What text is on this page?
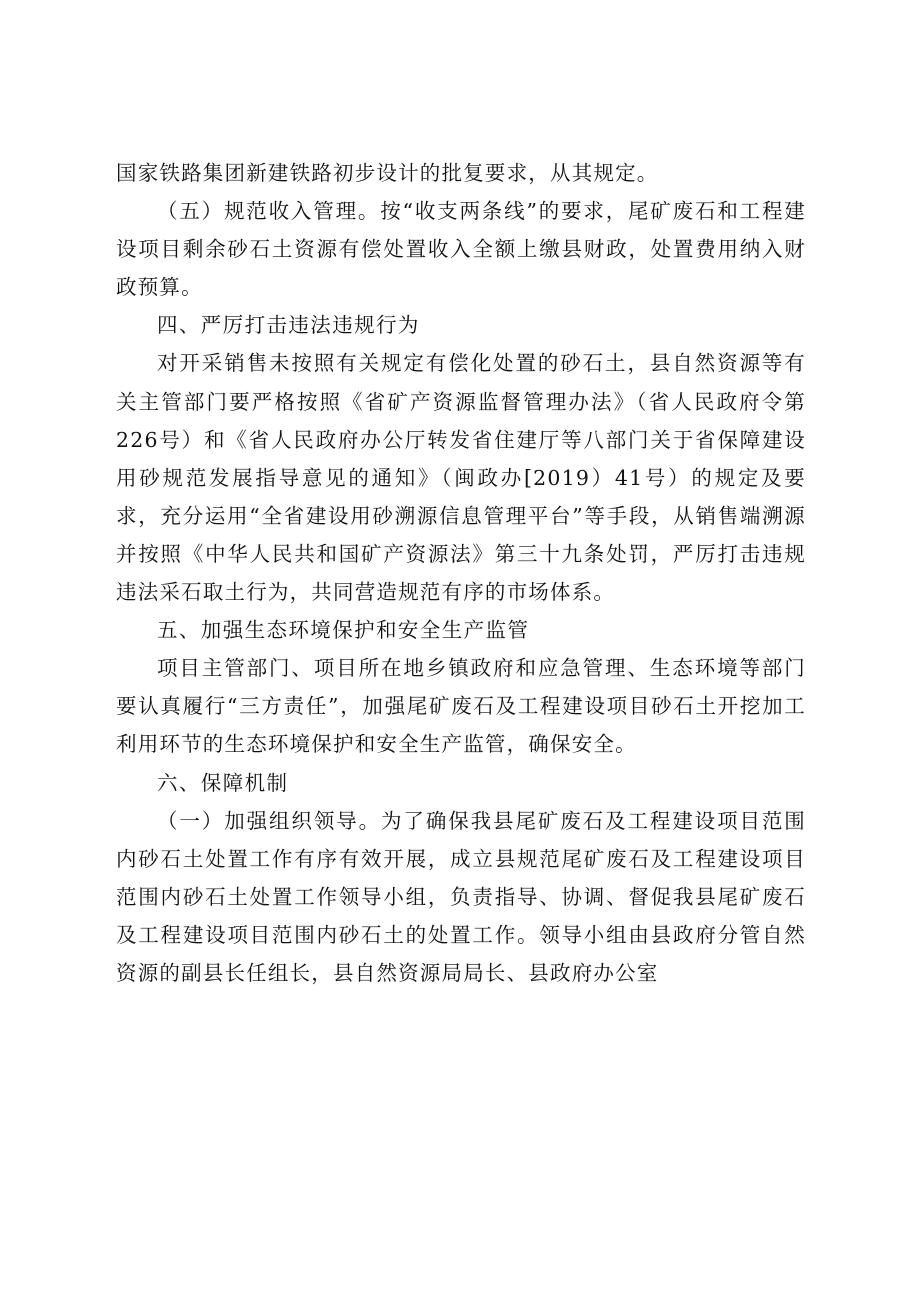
国家铁路集团新建铁路初步设计的批复要求，从其规定。

（五）规范收入管理。按“收支两条线”的要求，尾矿废石和工程建设项目剩余砂石土资源有偿处置收入全额上缴县财政，处置费用纳入财政预算。

四、严厉打击违法违规行为

对开采销售未按照有关规定有偿化处置的砂石土，县自然资源等有关主管部门要严格按照《省矿产资源监督管理办法》（省人民政府令第226号）和《省人民政府办公厅转发省住建厅等八部门关于省保障建设用砂规范发展指导意见的通知》（闽政办[2019）41号）的规定及要求，充分运用“全省建设用砂溯源信息管理平台”等手段，从销售端溯源并按照《中华人民共和国矿产资源法》第三十九条处罚，严厉打击违规违法采石取土行为，共同营造规范有序的市场体系。

五、加强生态环境保护和安全生产监管

项目主管部门、项目所在地乡镇政府和应急管理、生态环境等部门要认真履行“三方责任”，加强尾矿废石及工程建设项目砂石土开挖加工利用环节的生态环境保护和安全生产监管，确保安全。

六、保障机制

（一）加强组织领导。为了确保我县尾矿废石及工程建设项目范围内砂石土处置工作有序有效开展，成立县规范尾矿废石及工程建设项目范围内砂石土处置工作领导小组，负责指导、协调、督促我县尾矿废石及工程建设项目范围内砂石土的处置工作。领导小组由县政府分管自然资源的副县长任组长，县自然资源局局长、县政府办公室
